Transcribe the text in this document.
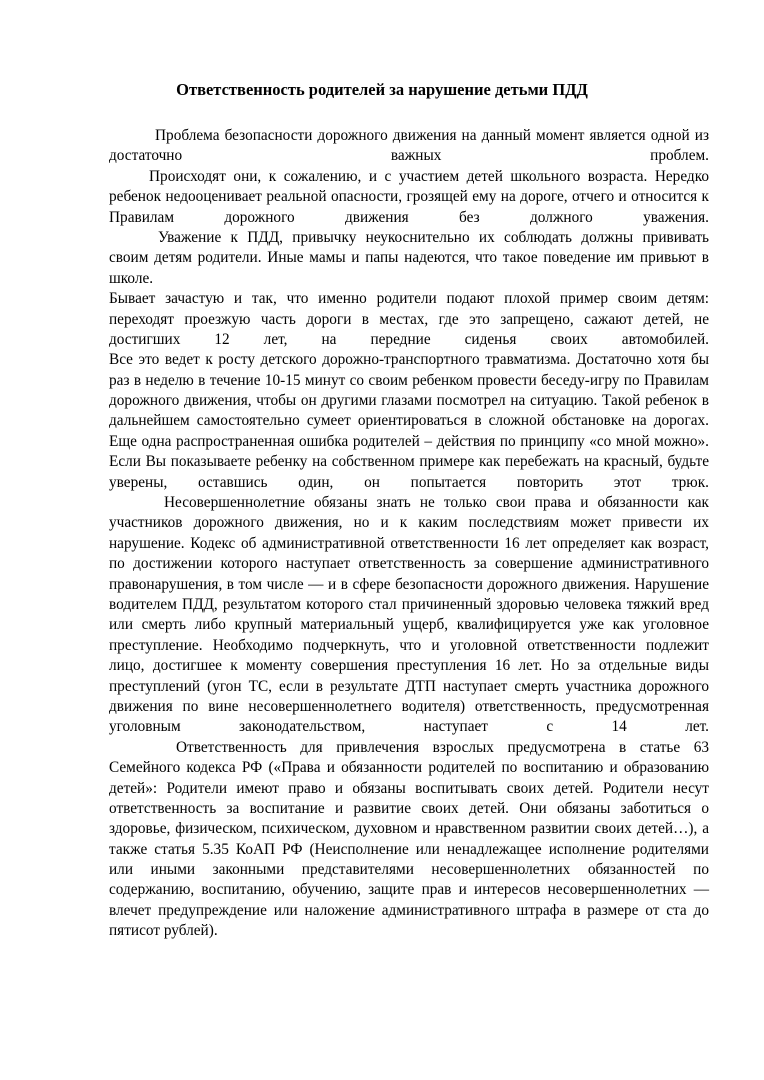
Ответственность родителей за нарушение детьми ПДД
Проблема безопасности дорожного движения на данный момент является одной из
достаточно важных проблем.
Происходят они, к сожалению, и с участием детей школьного возраста. Нередко
ребенок недооценивает реальной опасности, грозящей ему на дороге, отчего и относится к
Правилам дорожного движения без должного уважения.
Уважение к ПДД, привычку неукоснительно их соблюдать должны прививать
своим детям родители. Иные мамы и папы надеются, что такое поведение им привьют в
школе.
Бывает зачастую и так, что именно родители подают плохой пример своим детям:
переходят проезжую часть дороги в местах, где это запрещено, сажают детей, не
достигших 12 лет, на передние сиденья своих автомобилей.
Все это ведет к росту детского дорожно-транспортного травматизма. Достаточно хотя бы
раз в неделю в течение 10-15 минут со своим ребенком провести беседу-игру по Правилам
дорожного движения, чтобы он другими глазами посмотрел на ситуацию. Такой ребенок в
дальнейшем самостоятельно сумеет ориентироваться в сложной обстановке на дорогах.
Еще одна распространенная ошибка родителей – действия по принципу «со мной можно».
Если Вы показываете ребенку на собственном примере как перебежать на красный, будьте
уверены, оставшись один, он попытается повторить этот трюк.
Несовершеннолетние обязаны знать не только свои права и обязанности как
участников дорожного движения, но и к каким последствиям может привести их
нарушение. Кодекс об административной ответственности 16 лет определяет как возраст,
по достижении которого наступает ответственность за совершение административного
правонарушения, в том числе — и в сфере безопасности дорожного движения. Нарушение
водителем ПДД, результатом которого стал причиненный здоровью человека тяжкий вред
или смерть либо крупный материальный ущерб, квалифицируется уже как уголовное
преступление. Необходимо подчеркнуть, что и уголовной ответственности подлежит
лицо, достигшее к моменту совершения преступления 16 лет. Но за отдельные виды
преступлений (угон ТС, если в результате ДТП наступает смерть участника дорожного
движения по вине несовершеннолетнего водителя) ответственность, предусмотренная
уголовным законодательством, наступает с 14 лет.
Ответственность для привлечения взрослых предусмотрена в статье 63
Семейного кодекса РФ («Права и обязанности родителей по воспитанию и образованию
детей»: Родители имеют право и обязаны воспитывать своих детей. Родители несут
ответственность за воспитание и развитие своих детей. Они обязаны заботиться о
здоровье, физическом, психическом, духовном и нравственном развитии своих детей…), а
также статья 5.35 КоАП РФ (Неисполнение или ненадлежащее исполнение родителями
или иными законными представителями несовершеннолетних обязанностей по
содержанию, воспитанию, обучению, защите прав и интересов несовершеннолетних —
влечет предупреждение или наложение административного штрафа в размере от ста до
пятисот рублей).
